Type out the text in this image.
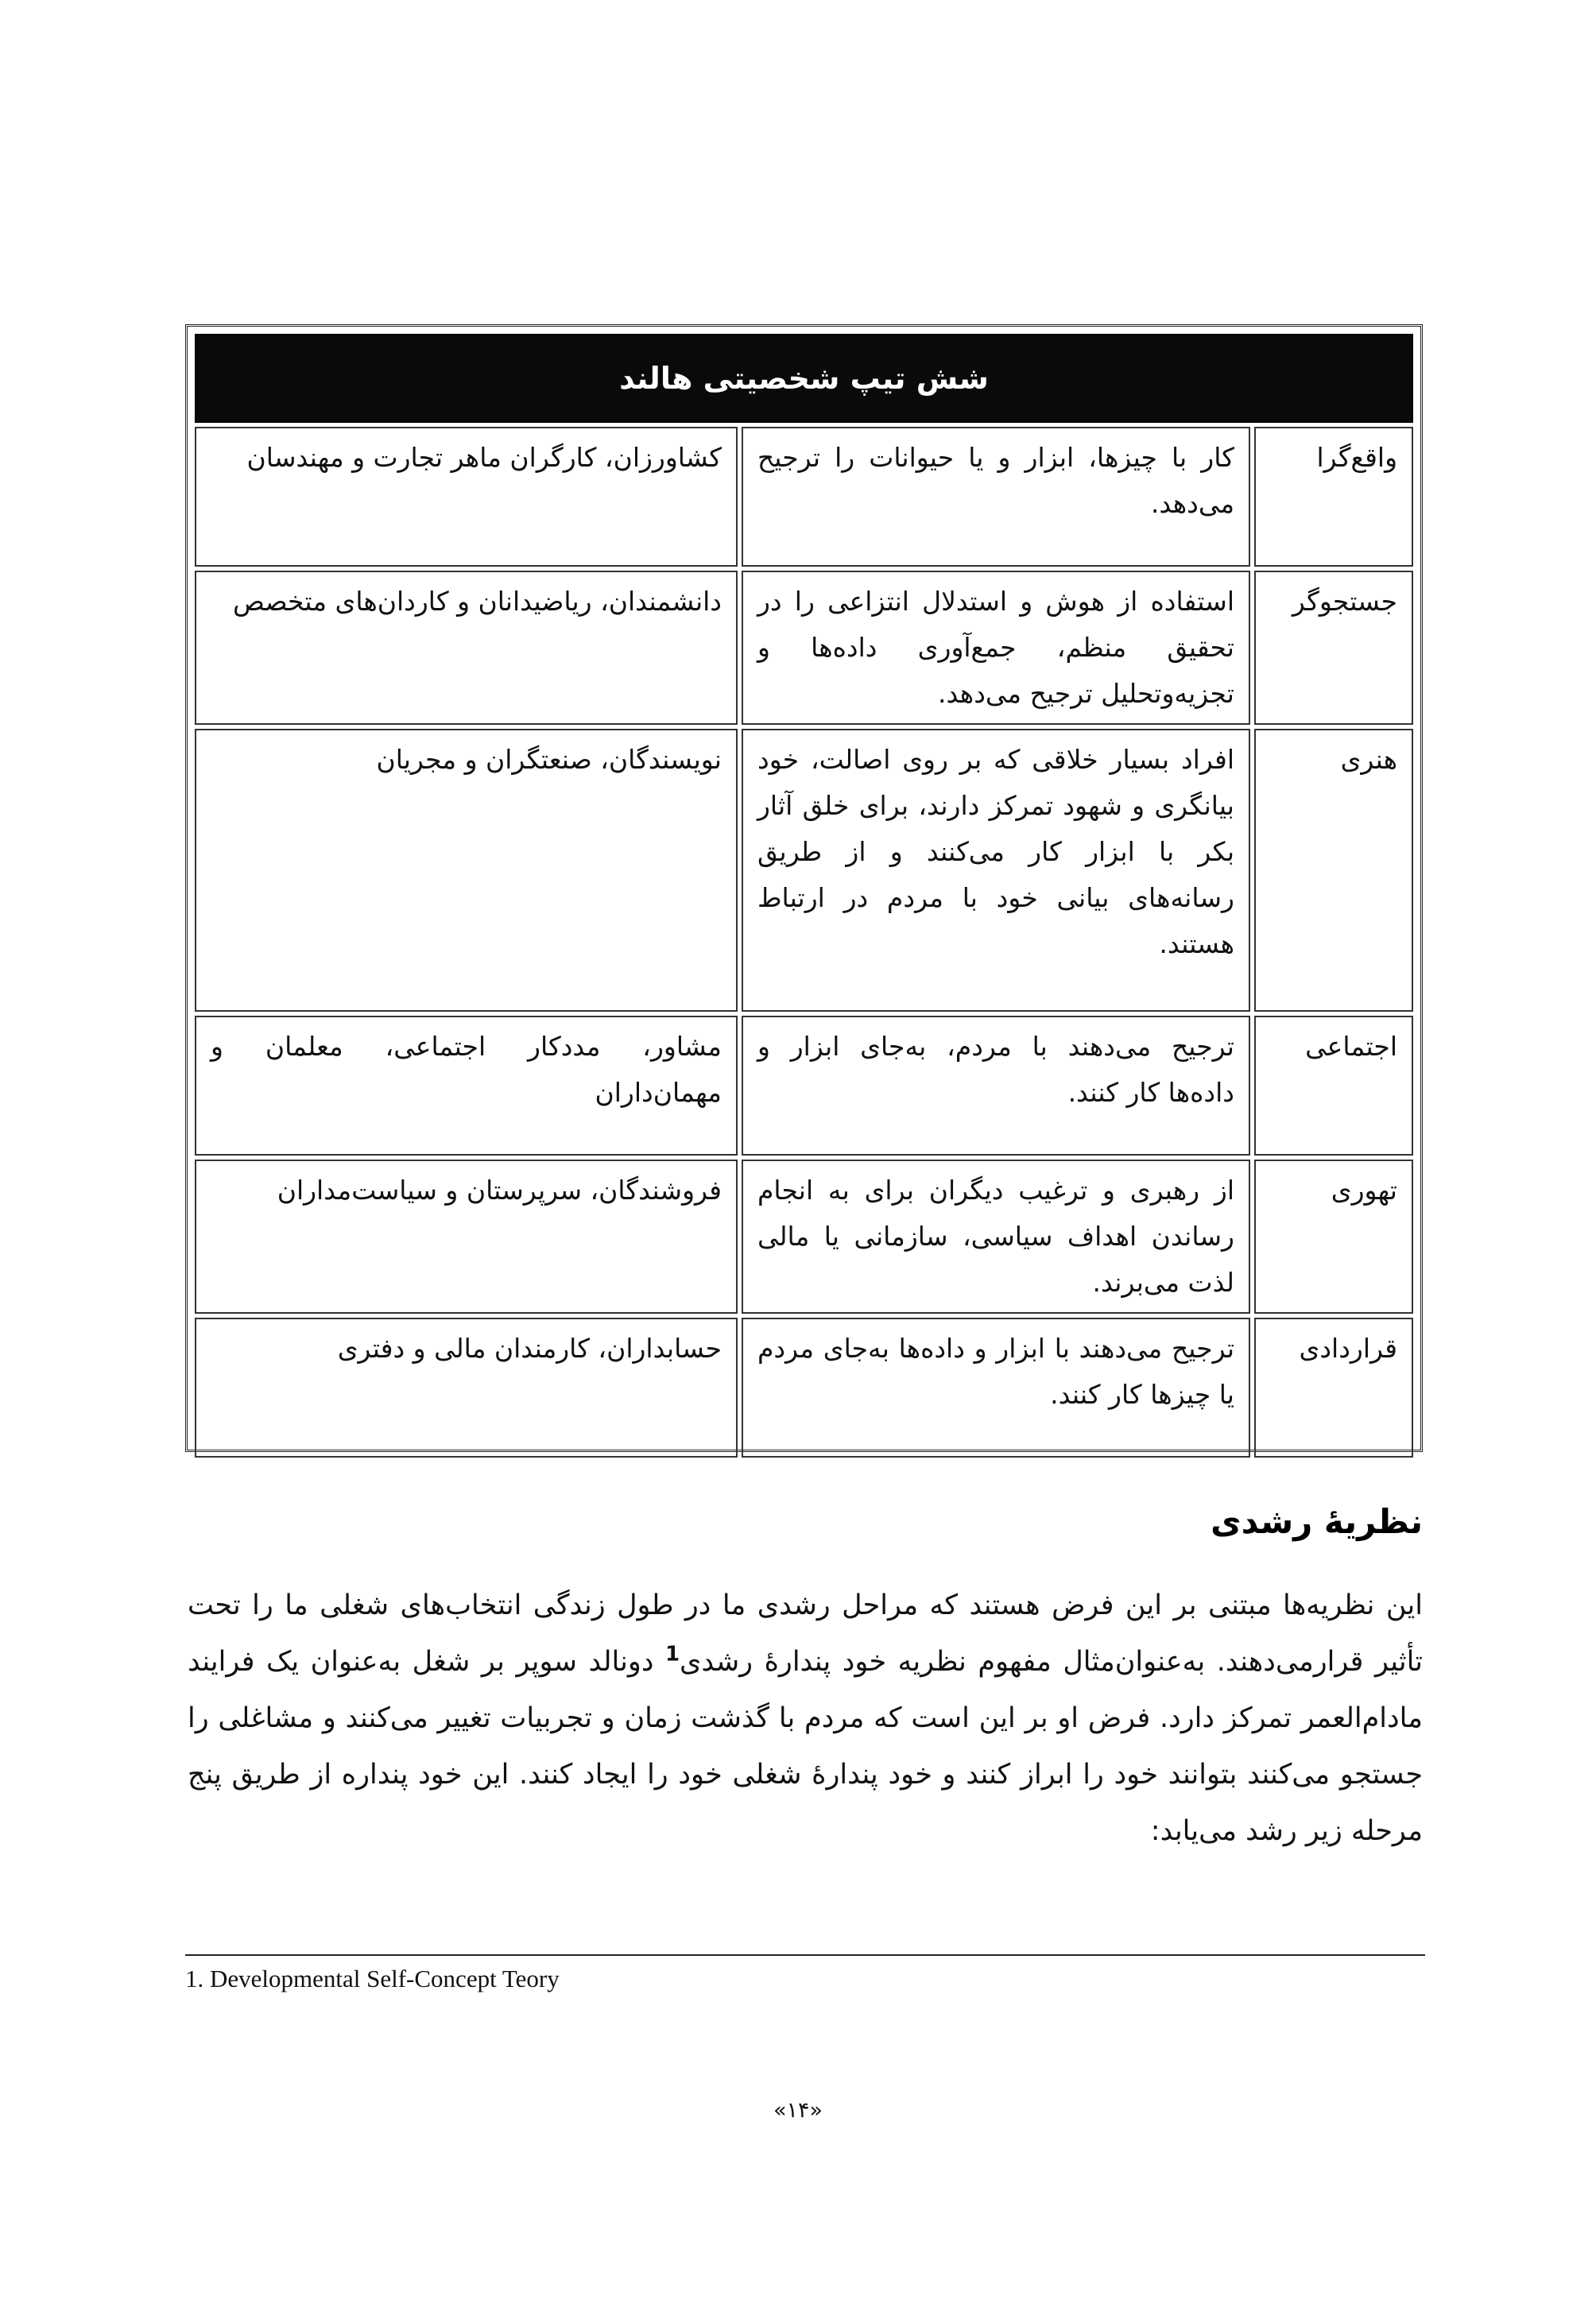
شش تیپ شخصیتی هالند		
واقع‌گرا	کار با چیزها، ابزار و یا حیوانات را ترجیح می‌دهد.	کشاورزان، کارگران ماهر تجارت و مهندسان
جستجوگر	استفاده از هوش و استدلال انتزاعی را در تحقیق منظم، جمع‌آوری داده‌ها و تجزیه‌وتحلیل ترجیح می‌دهد.	دانشمندان، ریاضیدانان و کاردان‌های متخصص
هنری	افراد بسیار خلاقی که بر روی اصالت، خود بیانگری و شهود تمرکز دارند، برای خلق آثار بکر با ابزار کار می‌کنند و از طریق رسانه‌های بیانی خود با مردم در ارتباط هستند.	نویسندگان، صنعتگران و مجریان
اجتماعی	ترجیح می‌دهند با مردم، به‌جای ابزار و داده‌ها کار کنند.	مشاور، مددکار اجتماعی، معلمان و مهمان‌داران
تهوری	از رهبری و ترغیب دیگران برای به انجام رساندن اهداف سیاسی، سازمانی یا مالی لذت می‌برند.	فروشندگان، سرپرستان و سیاست‌مداران
قراردادی	ترجیح می‌دهند با ابزار و داده‌ها به‌جای مردم یا چیزها کار کنند.	حسابداران، کارمندان مالی و دفتری
نظریهٔ رشدی

این نظریه‌ها مبتنی بر این فرض هستند که مراحل رشدی ما در طول زندگی انتخاب‌های شغلی ما را تحت تأثیر قرارمی‌دهند. به‌عنوان‌مثال مفهوم نظریه خود پندارهٔ رشدی$^1$ دونالد سوپر بر شغل به‌عنوان یک فرایند مادام‌العمر تمرکز دارد. فرض او بر این است که مردم با گذشت زمان و تجربیات تغییر می‌کنند و مشاغلی را جستجو می‌کنند بتوانند خود را ابراز کنند و خود پندارهٔ شغلی خود را ایجاد کنند. این خود پنداره از طریق پنج مرحله زیر رشد می‌یابد:

1. Developmental Self-Concept Teory

«۱۴»
